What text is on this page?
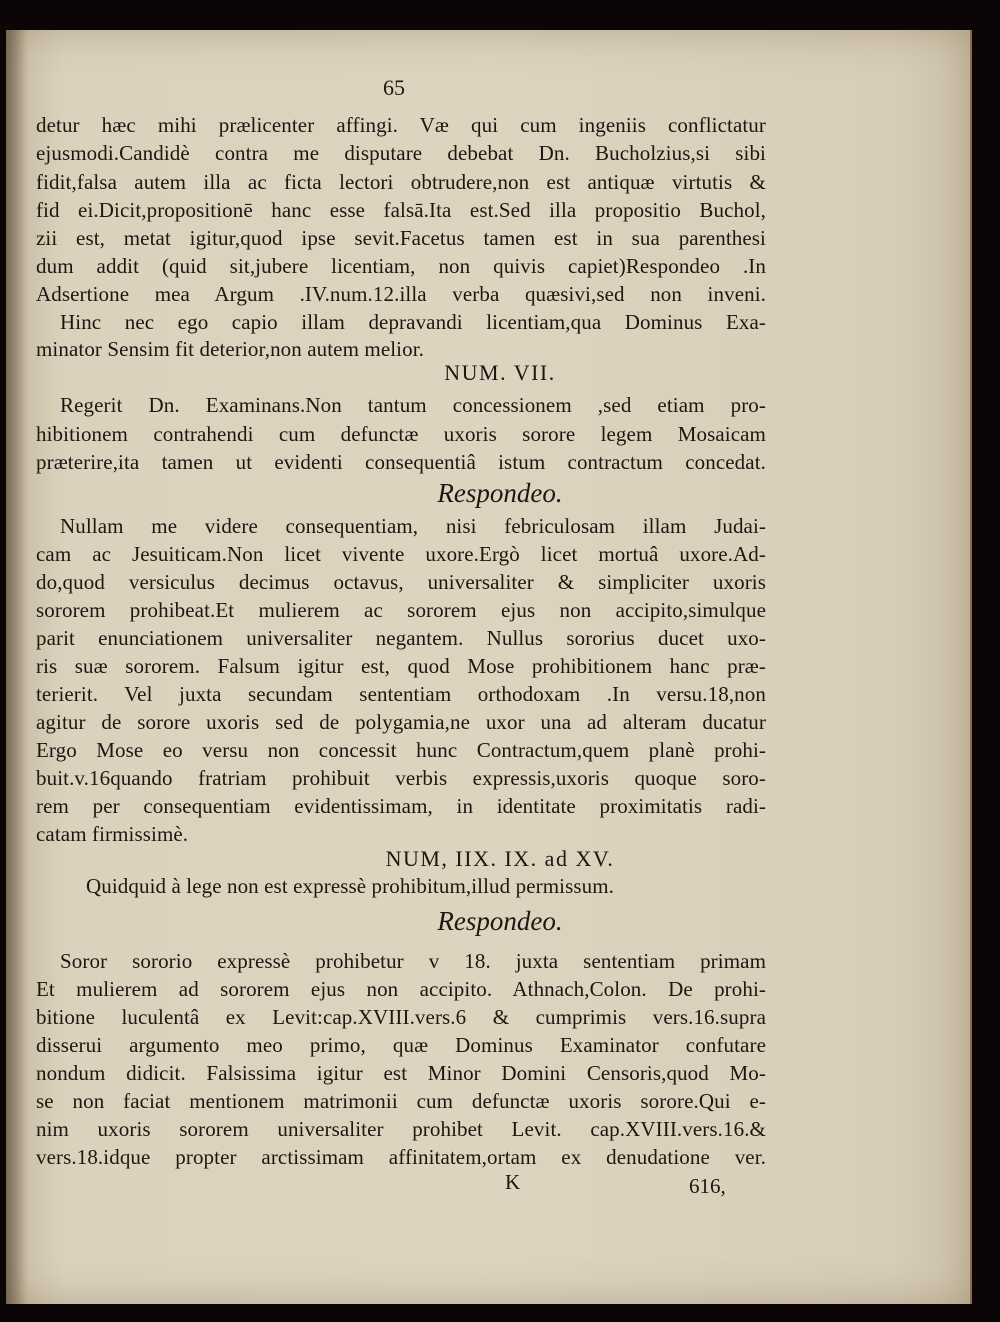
65
detur hæc mihi prælicenter affingi. Væ qui cum ingeniis conflictatur
ejusmodi.Candidè contra me disputare debebat Dn. Bucholzius,si sibi
fidit,falsa autem illa ac ficta lectori obtrudere,non est antiquæ virtutis &
fid ei.Dicit,propositionē hanc esse falsā.Ita est.Sed illa propositio Buchol,
zii est, metat igitur,quod ipse sevit.Facetus tamen est in sua parenthesi
dum addit (quid sit,jubere licentiam, non quivis capiet)Respondeo .In
Adsertione mea Argum .IV.num.12.illa verba quæsivi,sed non inveni.
Hinc nec ego capio illam depravandi licentiam,qua Dominus Exa-
minator Sensim fit deterior,non autem melior.
NUM. VII.
Regerit Dn. Examinans.Non tantum concessionem ,sed etiam pro-
hibitionem contrahendi cum defunctæ uxoris sorore legem Mosaicam
præterire,ita tamen ut evidenti consequentiâ istum contractum concedat.
Respondeo.
Nullam me videre consequentiam, nisi febriculosam illam Judai-
cam ac Jesuiticam.Non licet vivente uxore.Ergò licet mortuâ uxore.Ad-
do,quod versiculus decimus octavus, universaliter & simpliciter uxoris
sororem prohibeat.Et mulierem ac sororem ejus non accipito,simulque
parit enunciationem universaliter negantem. Nullus sororius ducet uxo-
ris suæ sororem. Falsum igitur est, quod Mose prohibitionem hanc præ-
terierit. Vel juxta secundam sententiam orthodoxam .In versu.18,non
agitur de sorore uxoris sed de polygamia,ne uxor una ad alteram ducatur
Ergo Mose eo versu non concessit hunc Contractum,quem planè prohi-
buit.v.16quando fratriam prohibuit verbis expressis,uxoris quoque soro-
rem per consequentiam evidentissimam, in identitate proximitatis radi-
catam firmissimè.
NUM, IIX. IX. ad XV.
Quidquid à lege non est expressè prohibitum,illud permissum.
Respondeo.
Soror sororio expressè prohibetur v 18. juxta sententiam primam
Et mulierem ad sororem ejus non accipito. Athnach,Colon. De prohi-
bitione luculentâ ex Levit:cap.XVIII.vers.6 & cumprimis vers.16.supra
disserui argumento meo primo, quæ Dominus Examinator confutare
nondum didicit. Falsissima igitur est Minor Domini Censoris,quod Mo-
se non faciat mentionem matrimonii cum defunctæ uxoris sorore.Qui e-
nim uxoris sororem universaliter prohibet Levit. cap.XVIII.vers.16.&
vers.18.idque propter arctissimam affinitatem,ortam ex denudatione ver.
K	616,
